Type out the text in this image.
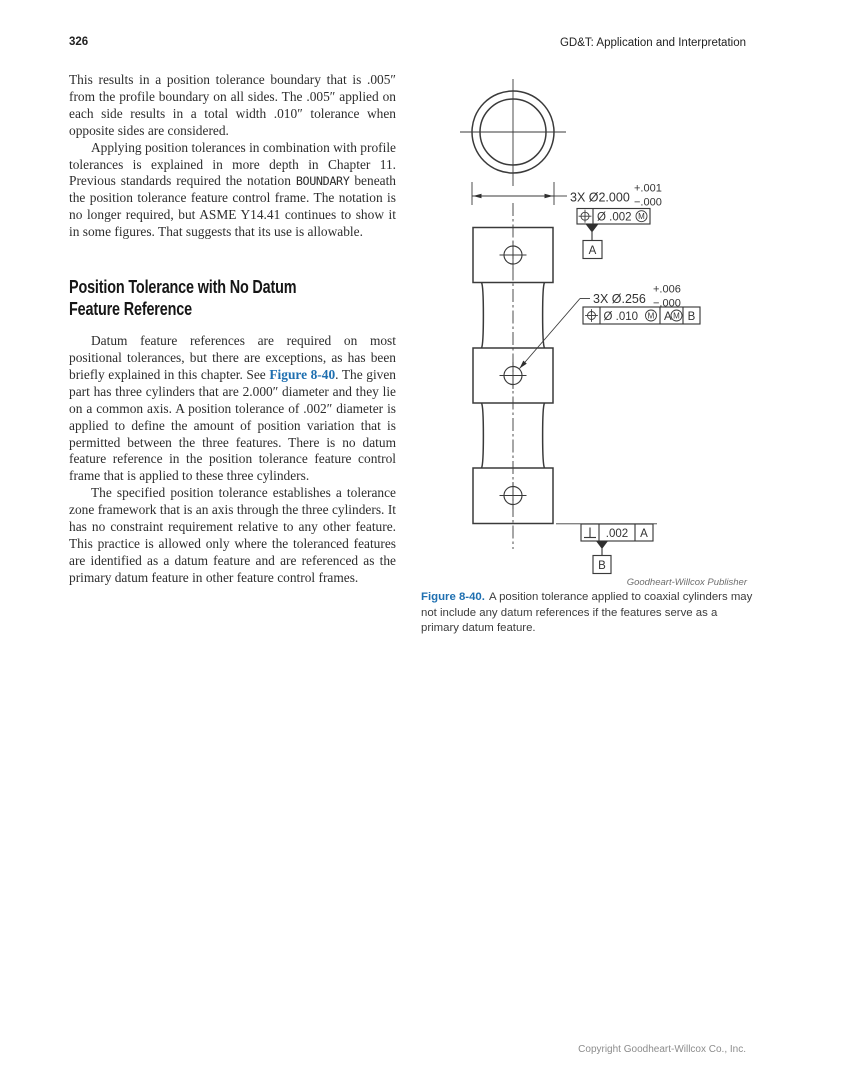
326	GD&T: Application and Interpretation

This results in a position tolerance boundary that is .005″ from the profile boundary on all sides. The .005″ applied on each side results in a total width .010″ tolerance when opposite sides are considered.

Applying position tolerances in combination with profile tolerances is explained in more depth in Chapter 11. Previous standards required the notation BOUNDARY beneath the position tolerance feature control frame. The notation is no longer required, but ASME Y14.41 continues to show it in some figures. That suggests that its use is allowable.

Position Tolerance with No Datum
Feature Reference

Datum feature references are required on most positional tolerances, but there are exceptions, as has been briefly explained in this chapter. See Figure 8-40. The given part has three cylinders that are 2.000″ diameter and they lie on a common axis. A position tolerance of .002″ diameter is applied to define the amount of position variation that is permitted between the three features. There is no datum feature reference in the position tolerance feature control frame that is applied to these three cylinders.

The specified position tolerance establishes a tolerance zone framework that is an axis through the three cylinders. It has no constraint requirement relative to any other feature. This practice is allowed only where the toleranced features are identified as a datum feature and are referenced as the primary datum feature in other feature control frames.

3X Ø2.000
+.001
−.000
Ø .002 M
A
3X Ø.256
+.006
−.000
Ø .010 M A M B
.002 A
B
Goodheart-Willcox Publisher
Figure 8-40. A position tolerance applied to coaxial cylinders may not include any datum references if the features serve as a primary datum feature.
Copyright Goodheart-Willcox Co., Inc.
